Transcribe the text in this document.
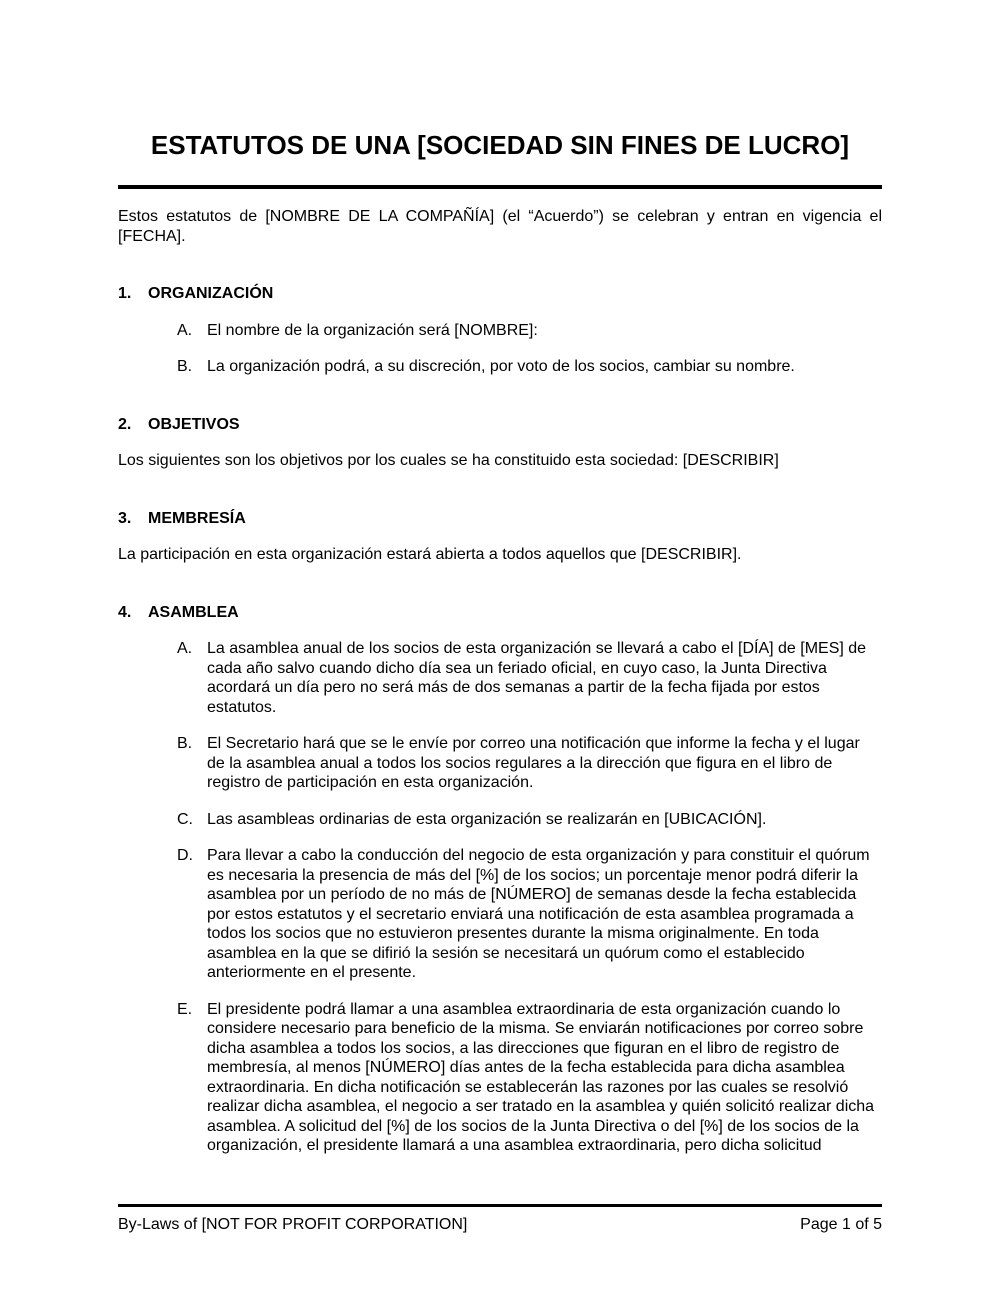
ESTATUTOS DE UNA [SOCIEDAD SIN FINES DE LUCRO]

Estos estatutos de [NOMBRE DE LA COMPAÑÍA] (el “Acuerdo”) se celebran y entran en vigencia el [FECHA].

1.	ORGANIZACIÓN
A. El nombre de la organización será [NOMBRE]:
B. La organización podrá, a su discreción, por voto de los socios, cambiar su nombre.
2.	OBJETIVOS

Los siguientes son los objetivos por los cuales se ha constituido esta sociedad: [DESCRIBIR]

3.	MEMBRESÍA

La participación en esta organización estará abierta a todos aquellos que [DESCRIBIR].

4.	ASAMBLEA
A. La asamblea anual de los socios de esta organización se llevará a cabo el [DÍA] de [MES] de cada año salvo cuando dicho día sea un feriado oficial, en cuyo caso, la Junta Directiva acordará un día pero no será más de dos semanas a partir de la fecha fijada por estos estatutos.
B. El Secretario hará que se le envíe por correo una notificación que informe la fecha y el lugar de la asamblea anual a todos los socios regulares a la dirección que figura en el libro de registro de participación en esta organización.
C. Las asambleas ordinarias de esta organización se realizarán en [UBICACIÓN].
D. Para llevar a cabo la conducción del negocio de esta organización y para constituir el quórum es necesaria la presencia de más del [%] de los socios; un porcentaje menor podrá diferir la asamblea por un período de no más de [NÚMERO] de semanas desde la fecha establecida por estos estatutos y el secretario enviará una notificación de esta asamblea programada a todos los socios que no estuvieron presentes durante la misma originalmente. En toda asamblea en la que se difirió la sesión se necesitará un quórum como el establecido anteriormente en el presente.
E. El presidente podrá llamar a una asamblea extraordinaria de esta organización cuando lo considere necesario para beneficio de la misma. Se enviarán notificaciones por correo sobre dicha asamblea a todos los socios, a las direcciones que figuran en el libro de registro de membresía, al menos [NÚMERO] días antes de la fecha establecida para dicha asamblea extraordinaria. En dicha notificación se establecerán las razones por las cuales se resolvió realizar dicha asamblea, el negocio a ser tratado en la asamblea y quién solicitó realizar dicha asamblea. A solicitud del [%] de los socios de la Junta Directiva o del [%] de los socios de la organización, el presidente llamará a una asamblea extraordinaria, pero dicha solicitud
By-Laws of [NOT FOR PROFIT CORPORATION]	Page 1 of 5
